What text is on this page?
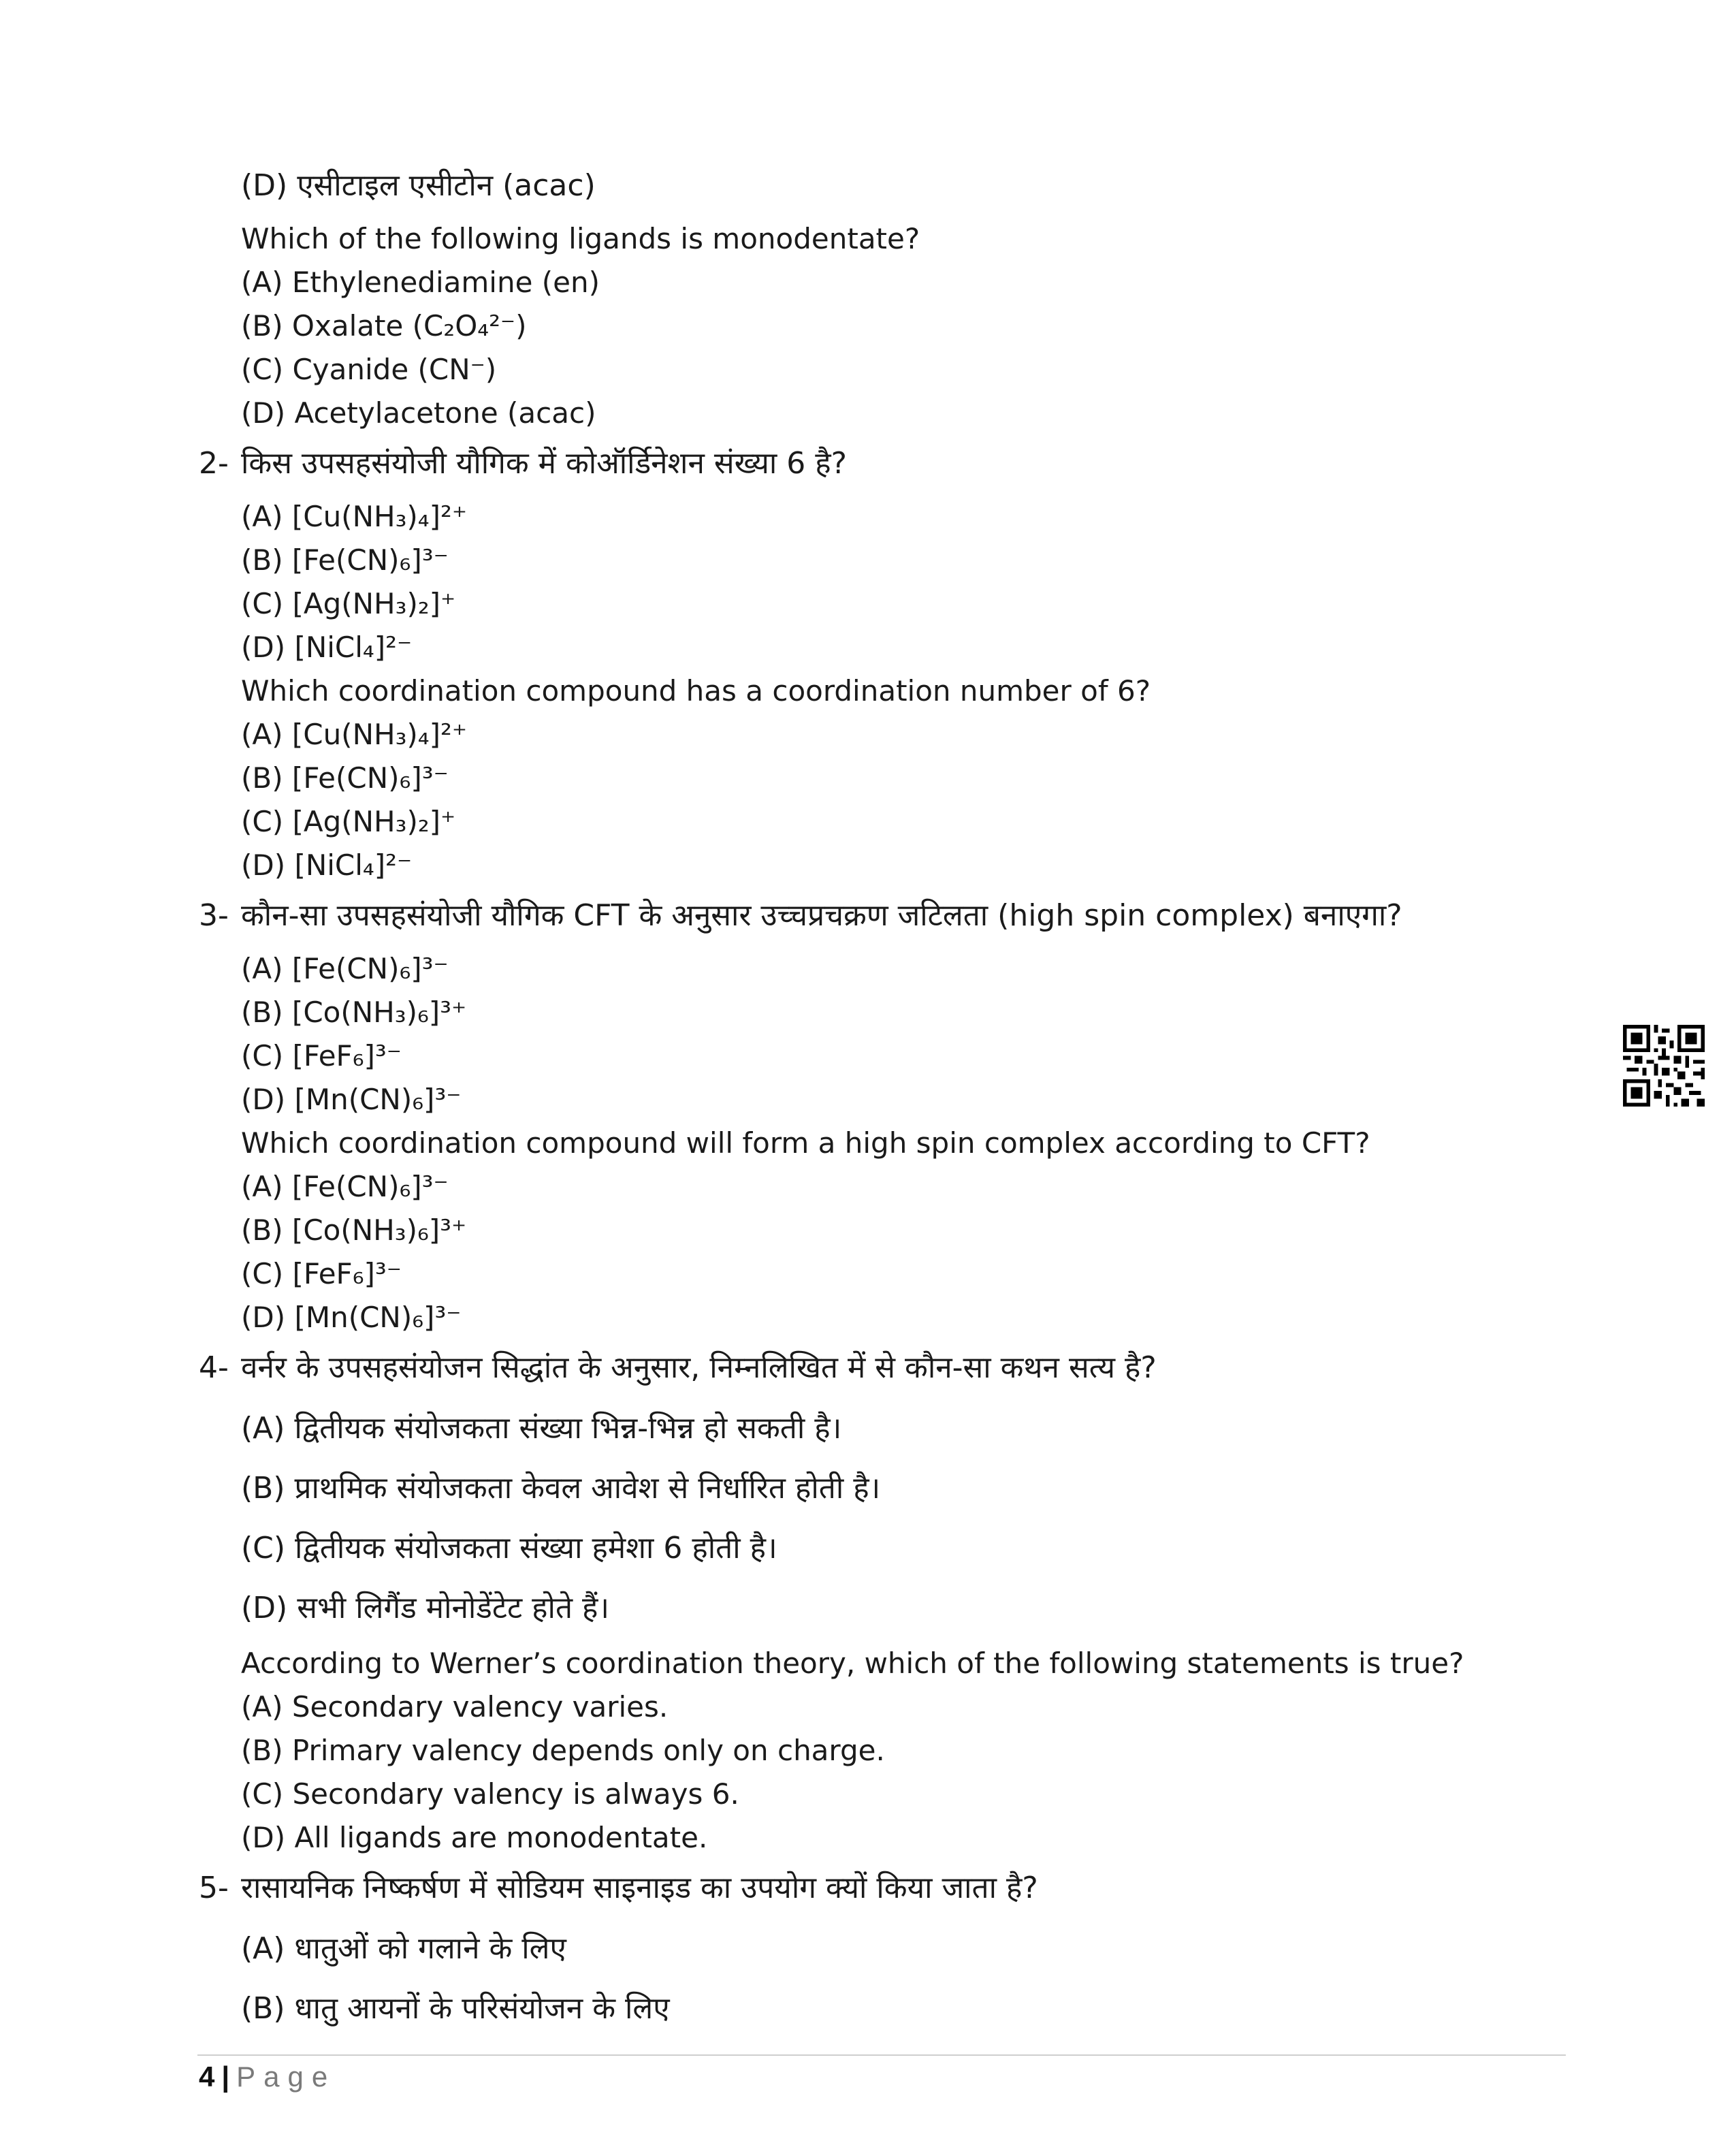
(D) एसीटाइल एसीटोन (acac)
Which of the following ligands is monodentate?
(A) Ethylenediamine (en)
(B) Oxalate (C₂O₄²⁻)
(C) Cyanide (CN⁻)
(D) Acetylacetone (acac)
2- किस उपसहसंयोजी यौगिक में कोऑर्डिनेशन संख्या 6 है?
(A) [Cu(NH₃)₄]²⁺
(B) [Fe(CN)₆]³⁻
(C) [Ag(NH₃)₂]⁺
(D) [NiCl₄]²⁻
Which coordination compound has a coordination number of 6?
(A) [Cu(NH₃)₄]²⁺
(B) [Fe(CN)₆]³⁻
(C) [Ag(NH₃)₂]⁺
(D) [NiCl₄]²⁻
3- कौन-सा उपसहसंयोजी यौगिक CFT के अनुसार उच्चप्रचक्रण जटिलता (high spin complex) बनाएगा?
(A) [Fe(CN)₆]³⁻
(B) [Co(NH₃)₆]³⁺
(C) [FeF₆]³⁻
(D) [Mn(CN)₆]³⁻
Which coordination compound will form a high spin complex according to CFT?
(A) [Fe(CN)₆]³⁻
(B) [Co(NH₃)₆]³⁺
(C) [FeF₆]³⁻
(D) [Mn(CN)₆]³⁻
4- वर्नर के उपसहसंयोजन सिद्धांत के अनुसार, निम्नलिखित में से कौन-सा कथन सत्य है?
(A) द्वितीयक संयोजकता संख्या भिन्न-भिन्न हो सकती है।
(B) प्राथमिक संयोजकता केवल आवेश से निर्धारित होती है।
(C) द्वितीयक संयोजकता संख्या हमेशा 6 होती है।
(D) सभी लिगैंड मोनोडेंटेट होते हैं।
According to Werner’s coordination theory, which of the following statements is true?
(A) Secondary valency varies.
(B) Primary valency depends only on charge.
(C) Secondary valency is always 6.
(D) All ligands are monodentate.
5- रासायनिक निष्कर्षण में सोडियम साइनाइड का उपयोग क्यों किया जाता है?
(A) धातुओं को गलाने के लिए
(B) धातु आयनों के परिसंयोजन के लिए
4 | Page
